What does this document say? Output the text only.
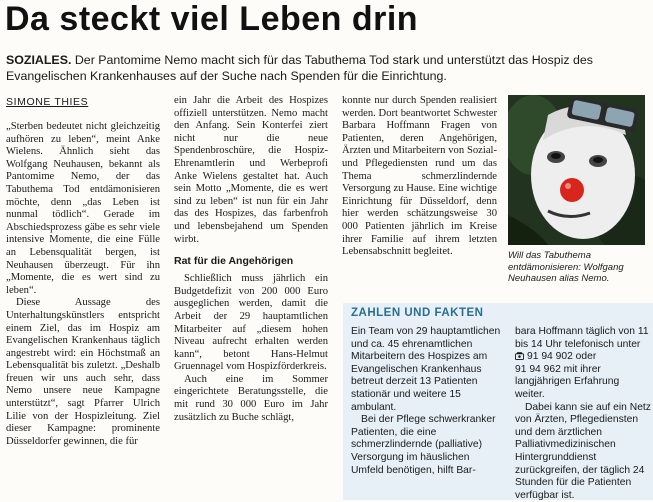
Da steckt viel Leben drin
SOZIALES. Der Pantomime Nemo macht sich für das Tabuthema Tod stark und unterstützt das Hospiz des Evangelischen Krankenhauses auf der Suche nach Spenden für die Einrichtung.
SIMONE THIES

„Sterben bedeutet nicht gleichzeitig aufhören zu leben“, meint Anke Wielens. Ähnlich sieht das Wolfgang Neuhausen, bekannt als Pantomime Nemo, der das Tabuthema Tod entdämonisieren möchte, denn „das Leben ist nunmal tödlich“. Gerade im Abschiedsprozess gäbe es sehr viele intensive Momente, die eine Fülle an Lebensqualität bergen, ist Neuhausen überzeugt. Für ihn „Momente, die es wert sind zu leben“.

Diese Aussage des Unterhaltungskünstlers entspricht einem Ziel, das im Hospiz am Evangelischen Krankenhaus täglich angestrebt wird: ein Höchstmaß an Lebensqualität bis zuletzt. „Deshalb freuen wir uns auch sehr, dass Nemo unsere neue Kampagne unterstützt“, sagt Pfarrer Ulrich Lilie von der Hospizleitung. Ziel dieser Kampagne: prominente Düsseldorfer gewinnen, die für

ein Jahr die Arbeit des Hospizes offiziell unterstützen. Nemo macht den Anfang. Sein Konterfei ziert nicht nur die neue Spendenbroschüre, die Hospiz-Ehrenamtlerin und Werbeprofi Anke Wielens gestaltet hat. Auch sein Motto „Momente, die es wert sind zu leben“ ist nun für ein Jahr das des Hospizes, das farbenfroh und lebensbejahend um Spenden wirbt.

Rat für die Angehörigen

Schließlich muss jährlich ein Budgetdefizit von 200 000 Euro ausgeglichen werden, damit die Arbeit der 29 hauptamtlichen Mitarbeiter auf „diesem hohen Niveau aufrecht erhalten werden kann“, betont Hans-Helmut Gruennagel vom Hospizförderkreis.

Auch eine im Sommer eingerichtete Beratungsstelle, die mit rund 30 000 Euro im Jahr zusätzlich zu Buche schlägt,

konnte nur durch Spenden realisiert werden. Dort beantwortet Schwester Barbara Hoffmann Fragen von Patienten, deren Angehörigen, Ärzten und Mitarbeitern von Sozial- und Pflegediensten rund um das Thema schmerzlindernde Versorgung zu Hause. Eine wichtige Einrichtung für Düsseldorf, denn hier werden schätzungsweise 30 000 Patienten jährlich im Kreise ihrer Familie auf ihrem letzten Lebensabschnitt begleitet.	Will das Tabuthema entdämonisieren: Wolfgang Neuhausen alias Nemo.
ZAHLEN UND FAKTEN

Ein Team von 29 hauptamtlichen und ca. 45 ehrenamtlichen Mitarbeitern des Hospizes am Evangelischen Krankenhaus betreut derzeit 13 Patienten stationär und weitere 15 ambulant.

Bei der Pflege schwerkranker Patienten, die eine schmerzlindernde (palliative) Versorgung im häuslichen Umfeld benötigen, hilft Bar-

bara Hoffmann täglich von 11 bis 14 Uhr telefonisch unter

91 94 902 oder

91 94 962 mit ihrer langjährigen Erfahrung weiter.

Dabei kann sie auf ein Netz von Ärzten, Pflegediensten und dem ärztlichen Palliativmedizinischen Hintergrunddienst zurückgreifen, der täglich 24 Stunden für die Patienten verfügbar ist.
